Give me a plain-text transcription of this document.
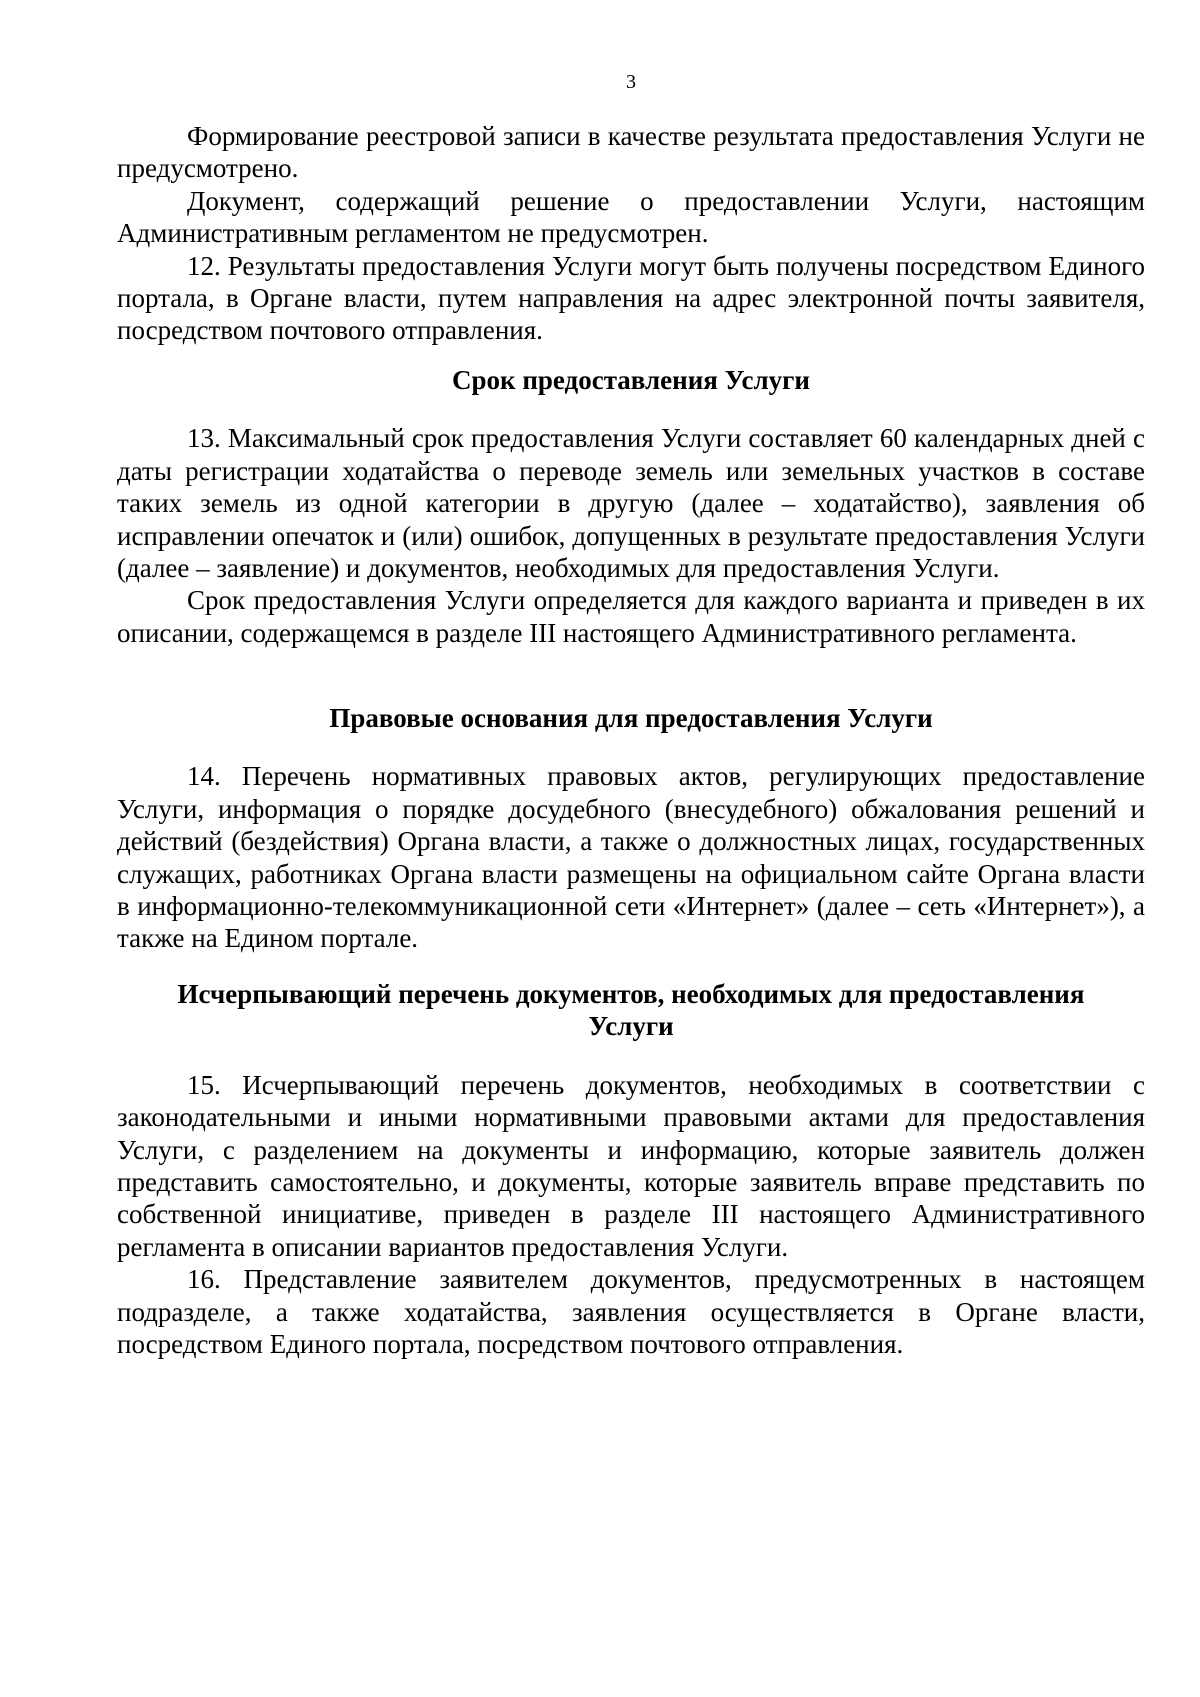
3

Формирование реестровой записи в качестве результата предоставления Услуги не предусмотрено.

Документ, содержащий решение о предоставлении Услуги, настоящим Административным регламентом не предусмотрен.

12. Результаты предоставления Услуги могут быть получены посредством Единого портала, в Органе власти, путем направления на адрес электронной почты заявителя, посредством почтового отправления.

Срок предоставления Услуги

13. Максимальный срок предоставления Услуги составляет 60 календарных дней с даты регистрации ходатайства о переводе земель или земельных участков в составе таких земель из одной категории в другую (далее – ходатайство), заявления об исправлении опечаток и (или) ошибок, допущенных в результате предоставления Услуги (далее – заявление) и документов, необходимых для предоставления Услуги.

Срок предоставления Услуги определяется для каждого варианта и приведен в их описании, содержащемся в разделе III настоящего Административного регламента.

Правовые основания для предоставления Услуги

14. Перечень нормативных правовых актов, регулирующих предоставление Услуги, информация о порядке досудебного (внесудебного) обжалования решений и действий (бездействия) Органа власти, а также о должностных лицах, государственных служащих, работниках Органа власти размещены на официальном сайте Органа власти в информационно-телекоммуникационной сети «Интернет» (далее – сеть «Интернет»), а также на Едином портале.

Исчерпывающий перечень документов, необходимых для предоставления
Услуги

15. Исчерпывающий перечень документов, необходимых в соответствии с законодательными и иными нормативными правовыми актами для предоставления Услуги, с разделением на документы и информацию, которые заявитель должен представить самостоятельно, и документы, которые заявитель вправе представить по собственной инициативе, приведен в разделе III настоящего Административного регламента в описании вариантов предоставления Услуги.

16. Представление заявителем документов, предусмотренных в настоящем подразделе, а также ходатайства, заявления осуществляется в Органе власти, посредством Единого портала, посредством почтового отправления.
